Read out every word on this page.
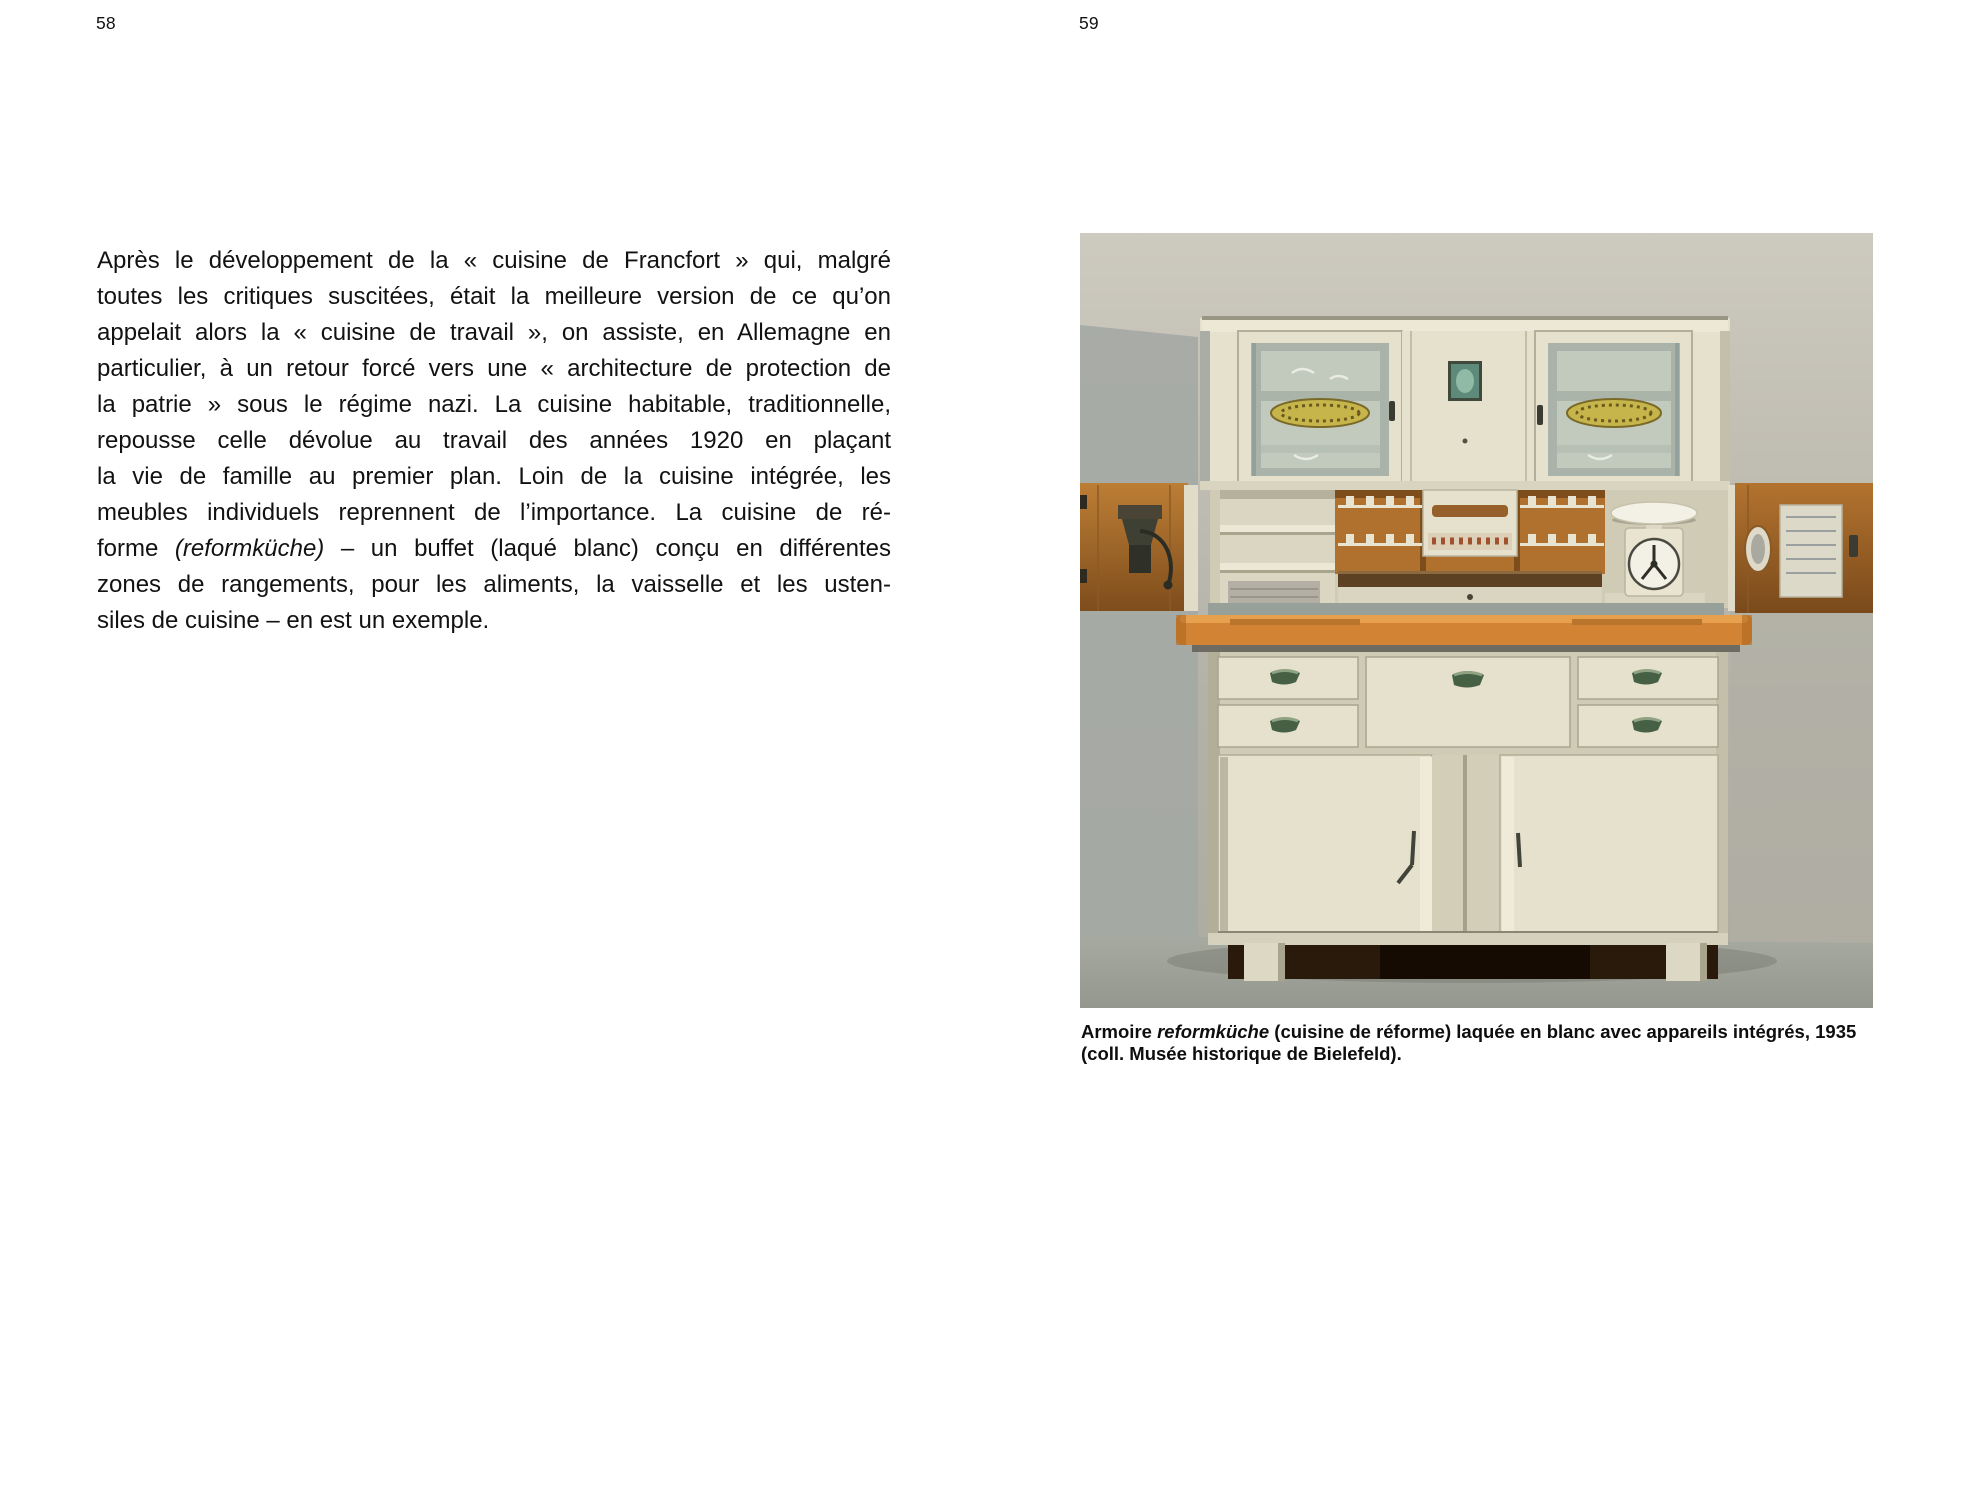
58	59
Après le développement de la « cuisine de Francfort » qui, malgré
toutes les critiques suscitées, était la meilleure version de ce qu’on
appelait alors la « cuisine de travail », on assiste, en Allemagne en
particulier, à un retour forcé vers une « architecture de protection de
la patrie » sous le régime nazi. La cuisine habitable, traditionnelle,
repousse celle dévolue au travail des années 1920 en plaçant
la vie de famille au premier plan. Loin de la cuisine intégrée, les
meubles individuels reprennent de l’importance. La cuisine de ré-
forme (reformküche) – un buffet (laqué blanc) conçu en différentes
zones de rangements, pour les aliments, la vaisselle et les usten-
siles de cuisine – en est un exemple.
Armoire reformküche (cuisine de réforme) laquée en blanc avec appareils intégrés, 1935
(coll. Musée historique de Bielefeld).
